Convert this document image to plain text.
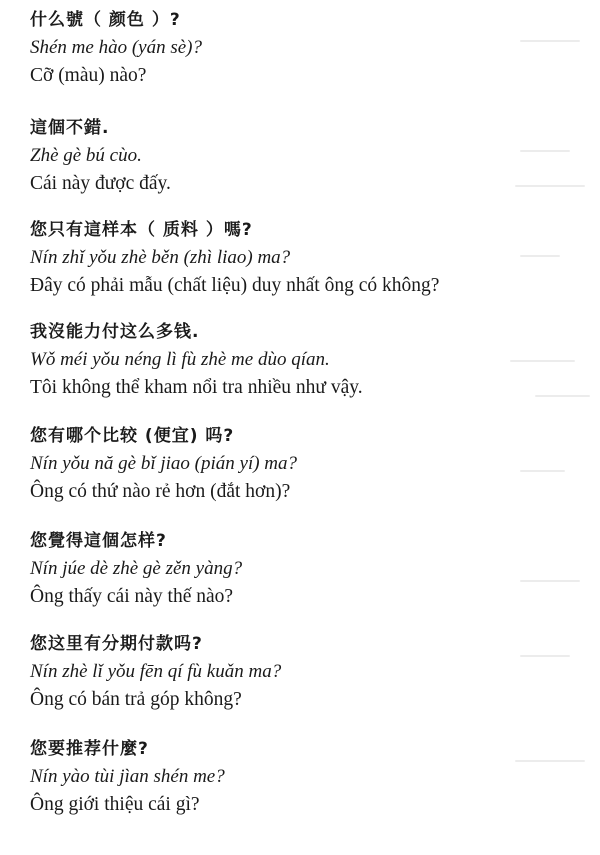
什么號（ 颜色 ）?
Shén me hào (yán sè)?
Cỡ (màu) nào?
這個不錯.
Zhè gè bú cùo.
Cái này được đấy.
您只有這样本（ 质料 ）嗎?
Nín zhǐ yǒu zhè běn (zhì liao) ma?
Đây có phải mẫu (chất liệu) duy nhất ông có không?
我沒能力付这么多钱.
Wǒ méi yǒu néng lì fù zhè me dùo qían.
Tôi không thể kham nổi tra nhiều như vậy.
您有哪个比较 (便宜) 吗?
Nín yǒu nă gè bǐ jiao (pián yí) ma?
Ông có thứ nào rẻ hơn (đắt hơn)?
您覺得這個怎样?
Nín júe dè zhè gè zěn yàng?
Ông thấy cái này thế nào?
您这里有分期付款吗?
Nín zhè lǐ yǒu fēn qí fù kuǎn ma?
Ông có bán trả góp không?
您要推荐什麼?
Nín yào tùi jìan shén me?
Ông giới thiệu cái gì?
